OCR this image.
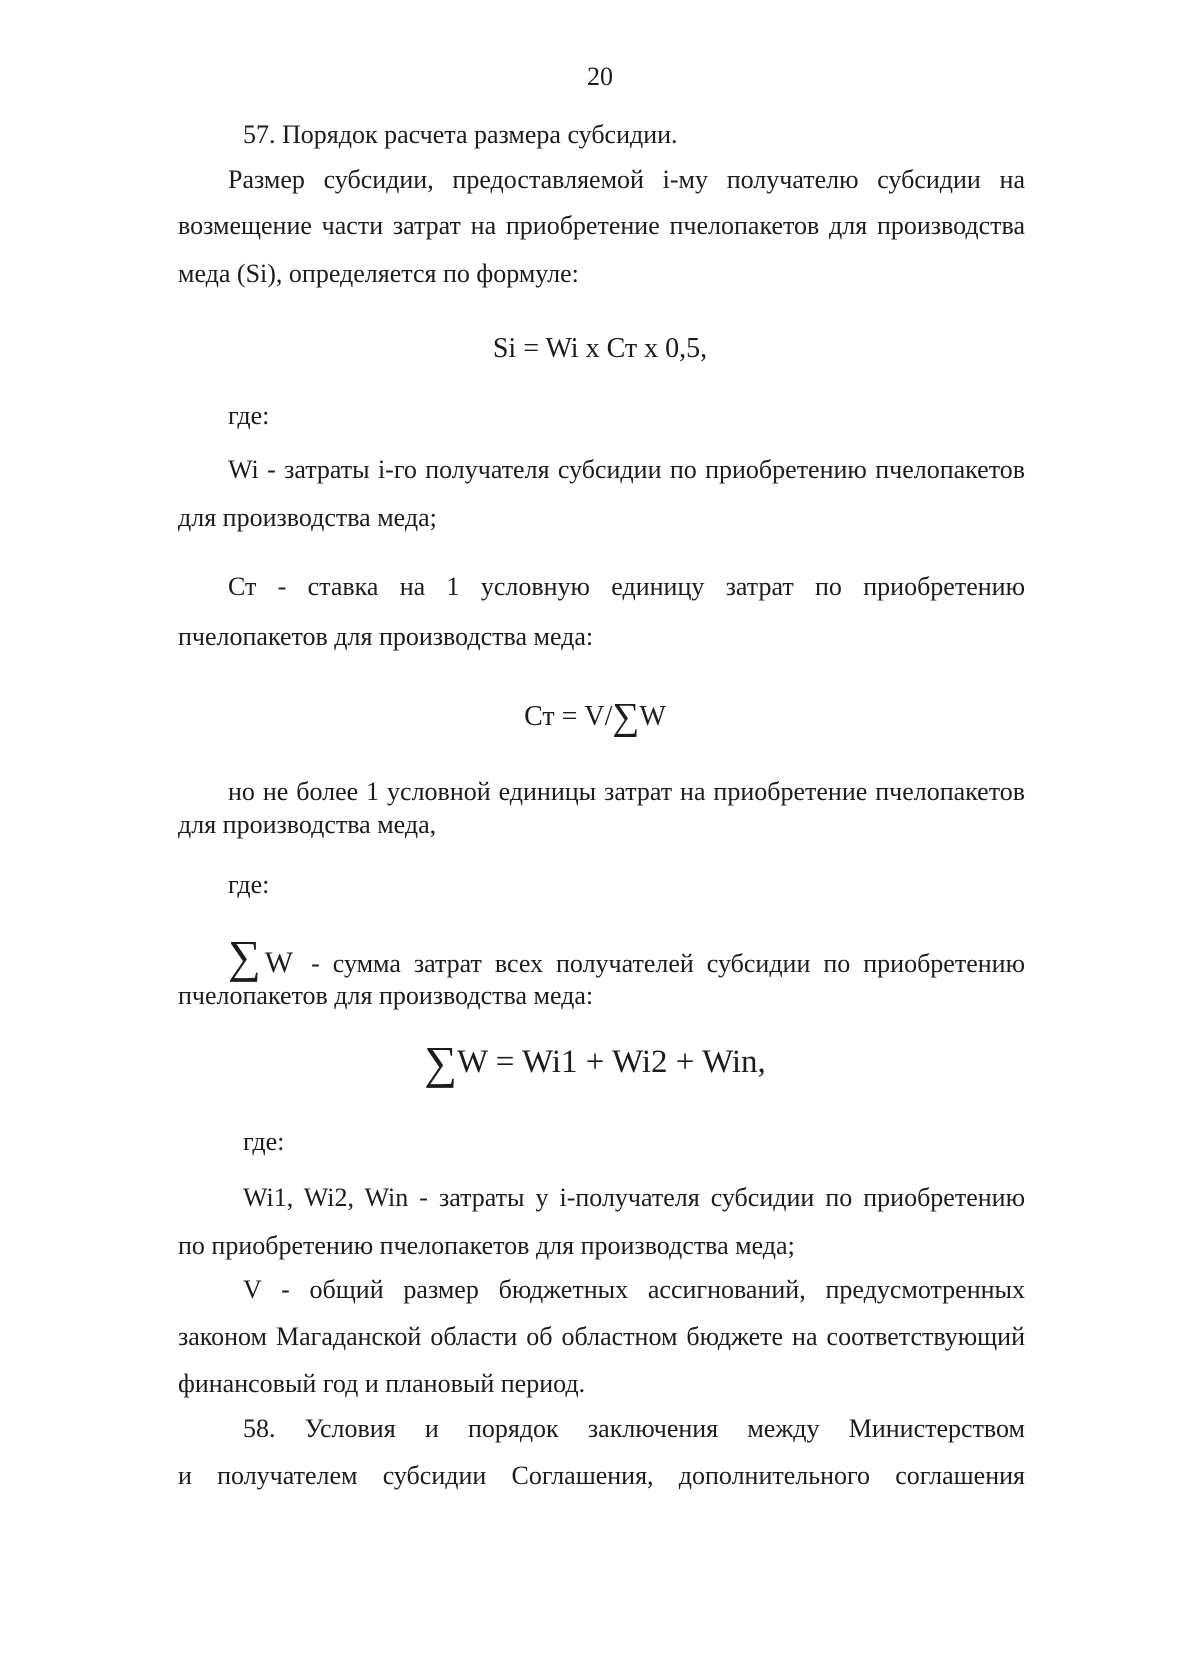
20
57. Порядок расчета размера субсидии.
Размер субсидии, предоставляемой i-му получателю субсидии на
возмещение части затрат на приобретение пчелопакетов для производства
меда (Si), определяется по формуле:
Si = Wi x Ст x 0,5,
где:
Wi - затраты i-го получателя субсидии по приобретению пчелопакетов
для производства меда;
Ст - ставка на 1 условную единицу затрат по приобретению
пчелопакетов для производства меда:
Ст = V/∑W
но не более 1 условной единицы затрат на приобретение пчелопакетов
для производства меда,
где:
∑ W - сумма затрат всех получателей субсидии по приобретению
пчелопакетов для производства меда:
∑W = Wi1 + Wi2 + Win,
где:
Wi1, Wi2, Win - затраты у i-получателя субсидии по приобретению
по приобретению пчелопакетов для производства меда;
V - общий размер бюджетных ассигнований, предусмотренных
законом Магаданской области об областном бюджете на соответствующий
финансовый год и плановый период.
58. Условия и порядок заключения между Министерством
и получателем субсидии Соглашения, дополнительного соглашения
